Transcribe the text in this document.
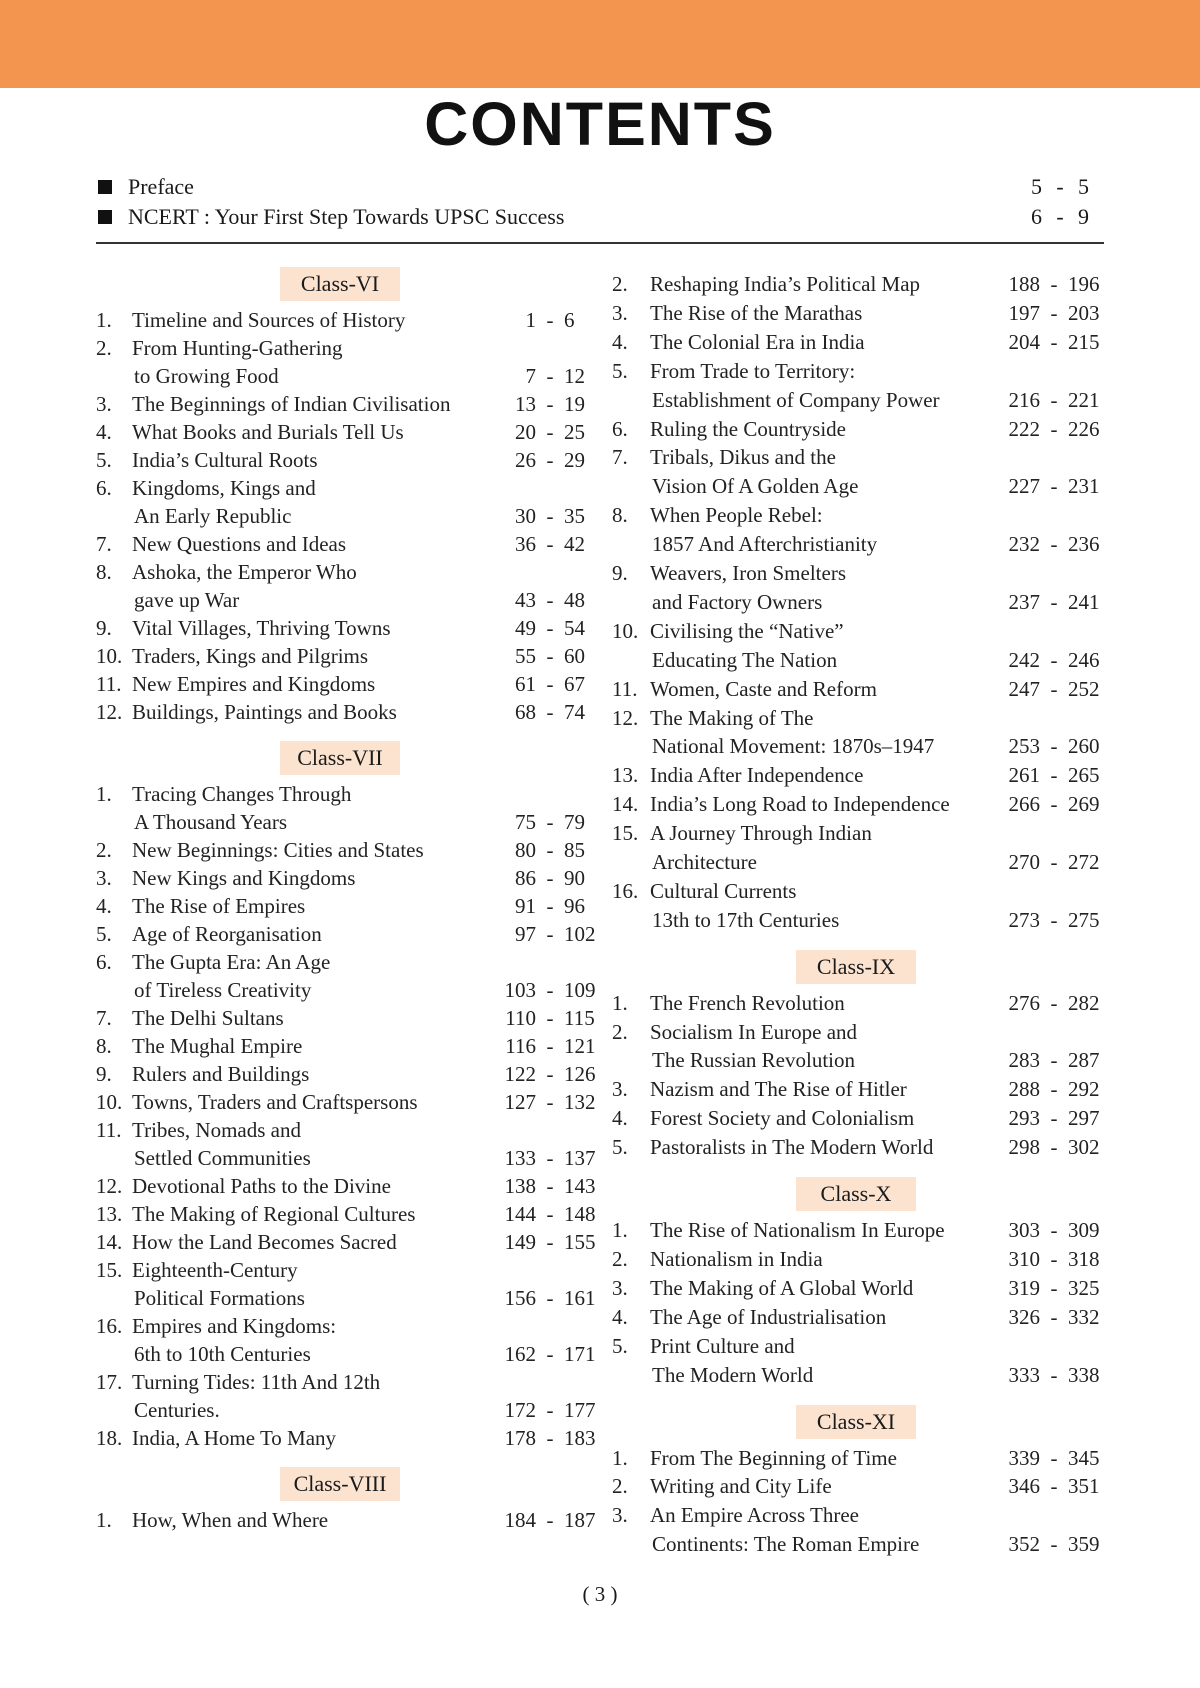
CONTENTS
Preface	5 - 5
NCERT : Your First Step Towards UPSC Success	6 - 9
Class-VI
1. Timeline and Sources of History	1 - 6
2. From Hunting-Gathering
to Growing Food	7 - 12
3. The Beginnings of Indian Civilisation	13 - 19
4. What Books and Burials Tell Us	20 - 25
5. India’s Cultural Roots	26 - 29
6. Kingdoms, Kings and
An Early Republic	30 - 35
7. New Questions and Ideas	36 - 42
8. Ashoka, the Emperor Who
gave up War	43 - 48
9. Vital Villages, Thriving Towns	49 - 54
10. Traders, Kings and Pilgrims	55 - 60
11. New Empires and Kingdoms	61 - 67
12. Buildings, Paintings and Books	68 - 74
Class-VII
1. Tracing Changes Through
A Thousand Years	75 - 79
2. New Beginnings: Cities and States	80 - 85
3. New Kings and Kingdoms	86 - 90
4. The Rise of Empires	91 - 96
5. Age of Reorganisation	97 - 102
6. The Gupta Era: An Age
of Tireless Creativity	103 - 109
7. The Delhi Sultans	110 - 115
8. The Mughal Empire	116 - 121
9. Rulers and Buildings	122 - 126
10. Towns, Traders and Craftspersons	127 - 132
11. Tribes, Nomads and
Settled Communities	133 - 137
12. Devotional Paths to the Divine	138 - 143
13. The Making of Regional Cultures	144 - 148
14. How the Land Becomes Sacred	149 - 155
15. Eighteenth-Century
Political Formations	156 - 161
16. Empires and Kingdoms:
6th to 10th Centuries	162 - 171
17. Turning Tides: 11th And 12th
Centuries.	172 - 177
18. India, A Home To Many	178 - 183
Class-VIII
1. How, When and Where	184 - 187
2. Reshaping India’s Political Map	188 - 196
3. The Rise of the Marathas	197 - 203
4. The Colonial Era in India	204 - 215
5. From Trade to Territory:
Establishment of Company Power	216 - 221
6. Ruling the Countryside	222 - 226
7. Tribals, Dikus and the
Vision Of A Golden Age	227 - 231
8. When People Rebel:
1857 And Afterchristianity	232 - 236
9. Weavers, Iron Smelters
and Factory Owners	237 - 241
10. Civilising the “Native”
Educating The Nation	242 - 246
11. Women, Caste and Reform	247 - 252
12. The Making of The
National Movement: 1870s–1947	253 - 260
13. India After Independence	261 - 265
14. India’s Long Road to Independence	266 - 269
15. A Journey Through Indian
Architecture	270 - 272
16. Cultural Currents
13th to 17th Centuries	273 - 275
Class-IX
1. The French Revolution	276 - 282
2. Socialism In Europe and
The Russian Revolution	283 - 287
3. Nazism and The Rise of Hitler	288 - 292
4. Forest Society and Colonialism	293 - 297
5. Pastoralists in The Modern World	298 - 302
Class-X
1. The Rise of Nationalism In Europe	303 - 309
2. Nationalism in India	310 - 318
3. The Making of A Global World	319 - 325
4. The Age of Industrialisation	326 - 332
5. Print Culture and
The Modern World	333 - 338
Class-XI
1. From The Beginning of Time	339 - 345
2. Writing and City Life	346 - 351
3. An Empire Across Three
Continents: The Roman Empire	352 - 359
( 3 )
